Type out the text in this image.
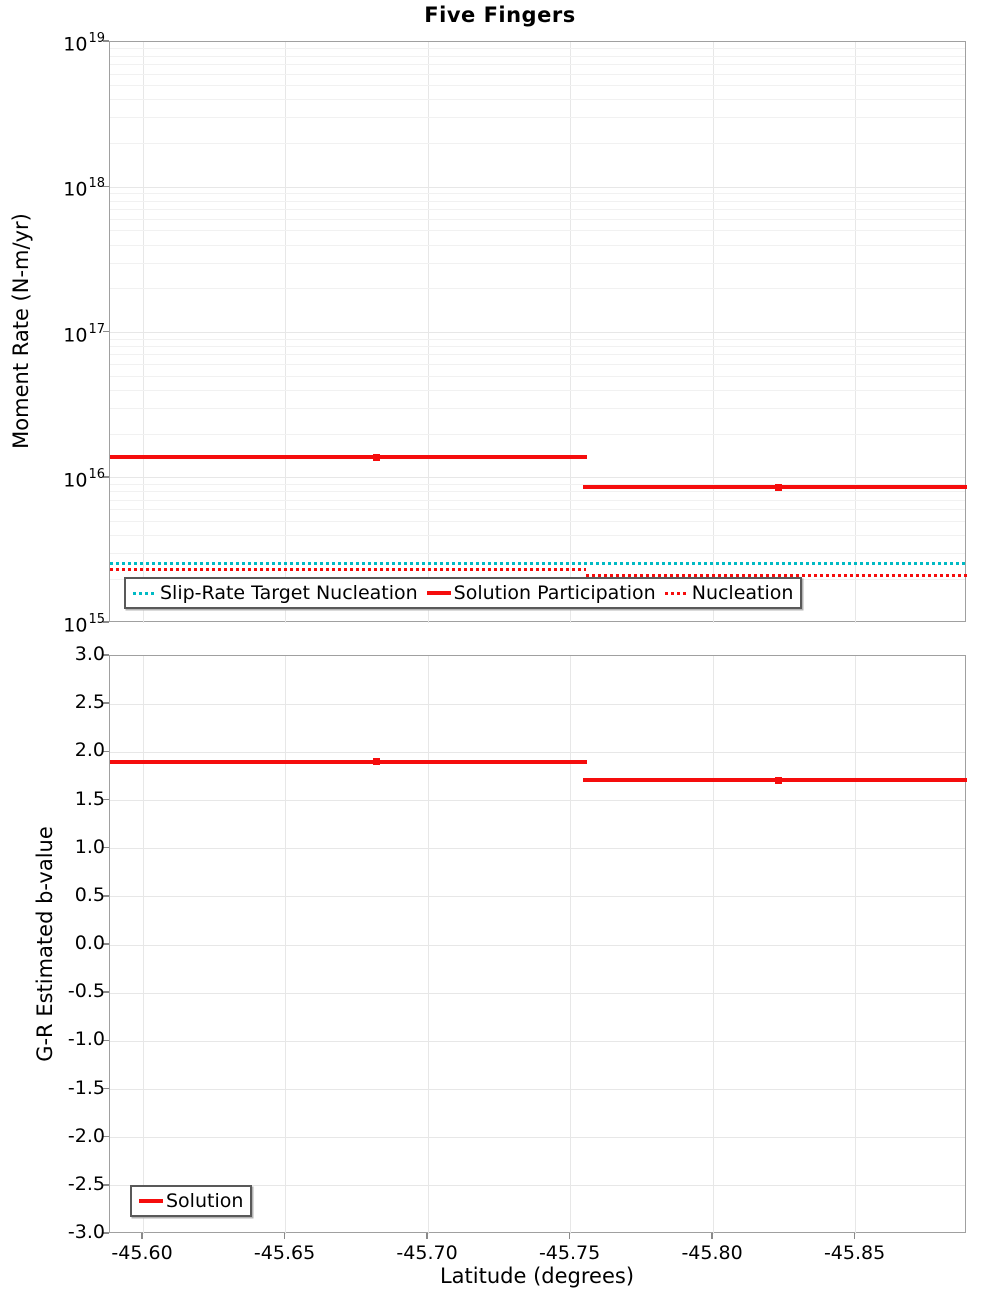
Five Fingers
Moment Rate (N-m/yr)
G-R Estimated b-value
Latitude (degrees)
Slip-Rate Target Nucleation Solution Participation Nucleation
Solution
$10^{19}$
$10^{18}$
$10^{17}$
$10^{16}$
$10^{15}$
-45.60	-45.65	-45.70	-45.75	-45.80	-45.85
3.0
2.5
2.0
1.5
1.0
0.5
0.0
-0.5
-1.0
-1.5
-2.0
-2.5
-3.0
